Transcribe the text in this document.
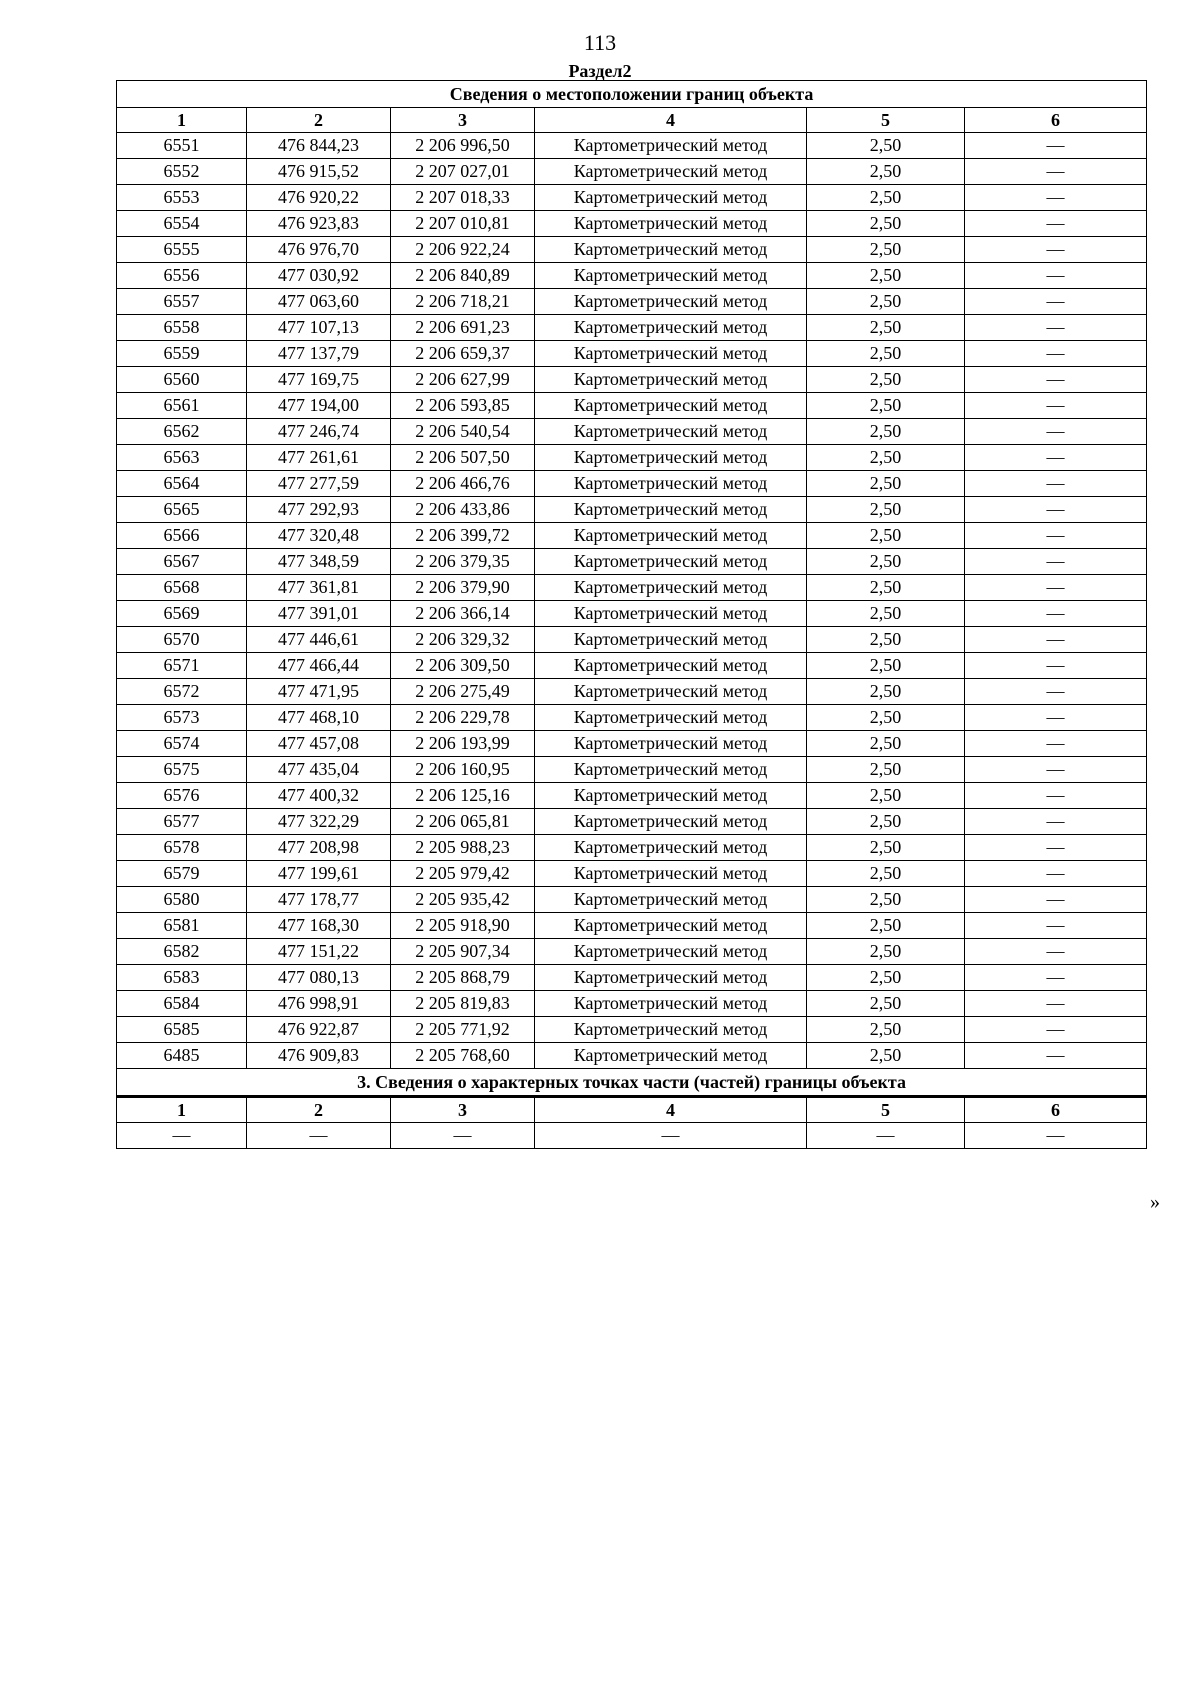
113
Раздел2
Сведения о местоположении границ объекта					
1	2	3	4	5	6
6551	476 844,23	2 206 996,50	Картометрический метод	2,50	—
6552	476 915,52	2 207 027,01	Картометрический метод	2,50	—
6553	476 920,22	2 207 018,33	Картометрический метод	2,50	—
6554	476 923,83	2 207 010,81	Картометрический метод	2,50	—
6555	476 976,70	2 206 922,24	Картометрический метод	2,50	—
6556	477 030,92	2 206 840,89	Картометрический метод	2,50	—
6557	477 063,60	2 206 718,21	Картометрический метод	2,50	—
6558	477 107,13	2 206 691,23	Картометрический метод	2,50	—
6559	477 137,79	2 206 659,37	Картометрический метод	2,50	—
6560	477 169,75	2 206 627,99	Картометрический метод	2,50	—
6561	477 194,00	2 206 593,85	Картометрический метод	2,50	—
6562	477 246,74	2 206 540,54	Картометрический метод	2,50	—
6563	477 261,61	2 206 507,50	Картометрический метод	2,50	—
6564	477 277,59	2 206 466,76	Картометрический метод	2,50	—
6565	477 292,93	2 206 433,86	Картометрический метод	2,50	—
6566	477 320,48	2 206 399,72	Картометрический метод	2,50	—
6567	477 348,59	2 206 379,35	Картометрический метод	2,50	—
6568	477 361,81	2 206 379,90	Картометрический метод	2,50	—
6569	477 391,01	2 206 366,14	Картометрический метод	2,50	—
6570	477 446,61	2 206 329,32	Картометрический метод	2,50	—
6571	477 466,44	2 206 309,50	Картометрический метод	2,50	—
6572	477 471,95	2 206 275,49	Картометрический метод	2,50	—
6573	477 468,10	2 206 229,78	Картометрический метод	2,50	—
6574	477 457,08	2 206 193,99	Картометрический метод	2,50	—
6575	477 435,04	2 206 160,95	Картометрический метод	2,50	—
6576	477 400,32	2 206 125,16	Картометрический метод	2,50	—
6577	477 322,29	2 206 065,81	Картометрический метод	2,50	—
6578	477 208,98	2 205 988,23	Картометрический метод	2,50	—
6579	477 199,61	2 205 979,42	Картометрический метод	2,50	—
6580	477 178,77	2 205 935,42	Картометрический метод	2,50	—
6581	477 168,30	2 205 918,90	Картометрический метод	2,50	—
6582	477 151,22	2 205 907,34	Картометрический метод	2,50	—
6583	477 080,13	2 205 868,79	Картометрический метод	2,50	—
6584	476 998,91	2 205 819,83	Картометрический метод	2,50	—
6585	476 922,87	2 205 771,92	Картометрический метод	2,50	—
6485	476 909,83	2 205 768,60	Картометрический метод	2,50	—
3. Сведения о характерных точках части (частей) границы объекта					
1	2	3	4	5	6
—	—	—	—	—	—
»
